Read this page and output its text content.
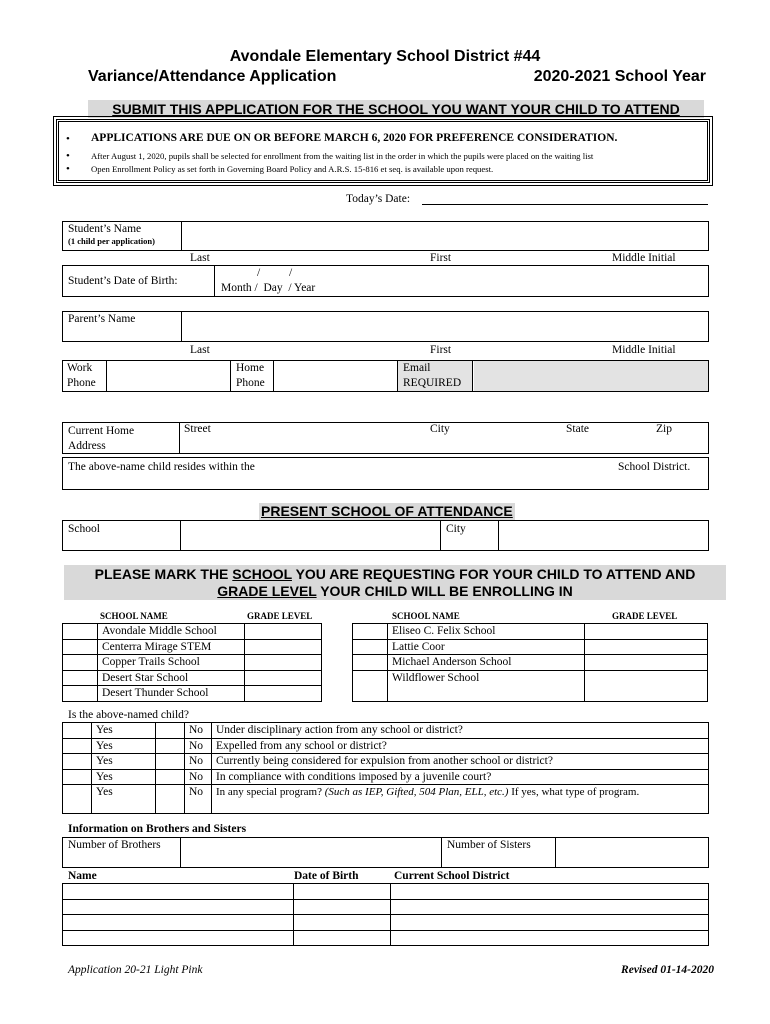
Avondale Elementary School District #44
Variance/Attendance Application	2020-2021 School Year
SUBMIT THIS APPLICATION FOR THE SCHOOL YOU WANT YOUR CHILD TO ATTEND
• APPLICATIONS ARE DUE ON OR BEFORE MARCH 6, 2020 FOR PREFERENCE CONSIDERATION.
• After August 1, 2020, pupils shall be selected for enrollment from the waiting list in the order in which the pupils were placed on the waiting list
• Open Enrollment Policy as set forth in Governing Board Policy and A.R.S. 15-816 et seq. is available upon request.
Today’s Date:
Student’s Name
(1 child per application)
Last	First	Middle Initial
Student’s Date of Birth:
/          /
Month /  Day  / Year
Parent’s Name
Last	First	Middle Initial
Work Phone
Home Phone
Email
REQUIRED
Current Home Address
Street	City	State	Zip
The above-name child resides within the	School District.
PRESENT SCHOOL OF ATTENDANCE
School	City
PLEASE MARK THE SCHOOL YOU ARE REQUESTING FOR YOUR CHILD TO ATTEND AND
GRADE LEVEL YOUR CHILD WILL BE ENROLLING IN
SCHOOL NAME	GRADE LEVEL	SCHOOL NAME	GRADE LEVEL
	Avondale Middle School	
	Centerra Mirage STEM	
	Copper Trails School	
	Desert Star School	
	Desert Thunder School	
	Eliseo C. Felix School	
	Lattie Coor	
	Michael Anderson School	
	Wildflower School	
Is the above-named child?
	Yes		No	Under disciplinary action from any school or district?
	Yes		No	Expelled from any school or district?
	Yes		No	Currently being considered for expulsion from another school or district?
	Yes		No	In compliance with conditions imposed by a juvenile court?
	Yes		No	In any special program? (Such as IEP, Gifted, 504 Plan, ELL, etc.) If yes, what type of program.
Information on Brothers and Sisters
Number of Brothers	Number of Sisters
Name	Date of Birth	Current School District

Application 20-21 Light Pink	Revised 01-14-2020
